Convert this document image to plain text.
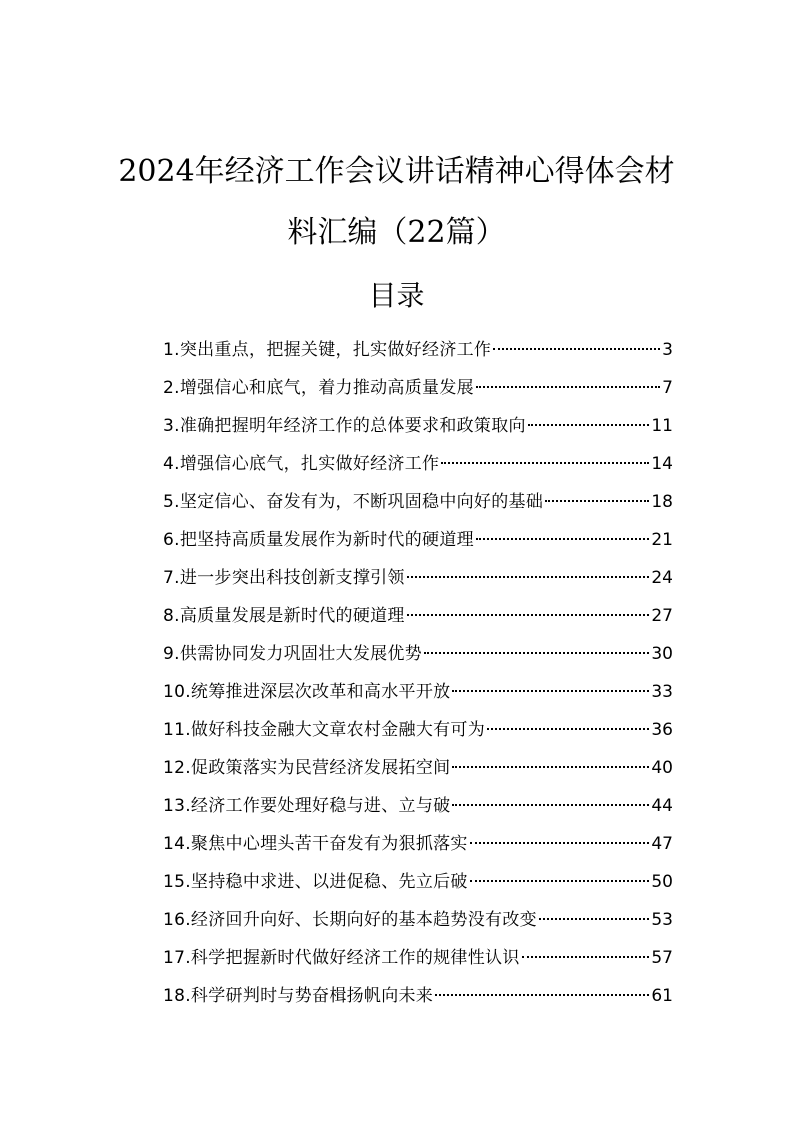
2024年经济工作会议讲话精神心得体会材
料汇编（22篇）
目录
1.突出重点，把握关键，扎实做好经济工作	3
2.增强信心和底气，着力推动高质量发展	7
3.准确把握明年经济工作的总体要求和政策取向	11
4.增强信心底气，扎实做好经济工作	14
5.坚定信心、奋发有为，不断巩固稳中向好的基础	18
6.把坚持高质量发展作为新时代的硬道理	21
7.进一步突出科技创新支撑引领	24
8.高质量发展是新时代的硬道理	27
9.供需协同发力巩固壮大发展优势	30
10.统筹推进深层次改革和高水平开放	33
11.做好科技金融大文章农村金融大有可为	36
12.促政策落实为民营经济发展拓空间	40
13.经济工作要处理好稳与进、立与破	44
14.聚焦中心埋头苦干奋发有为狠抓落实	47
15.坚持稳中求进、以进促稳、先立后破	50
16.经济回升向好、长期向好的基本趋势没有改变	53
17.科学把握新时代做好经济工作的规律性认识	57
18.科学研判时与势奋楫扬帆向未来	61
